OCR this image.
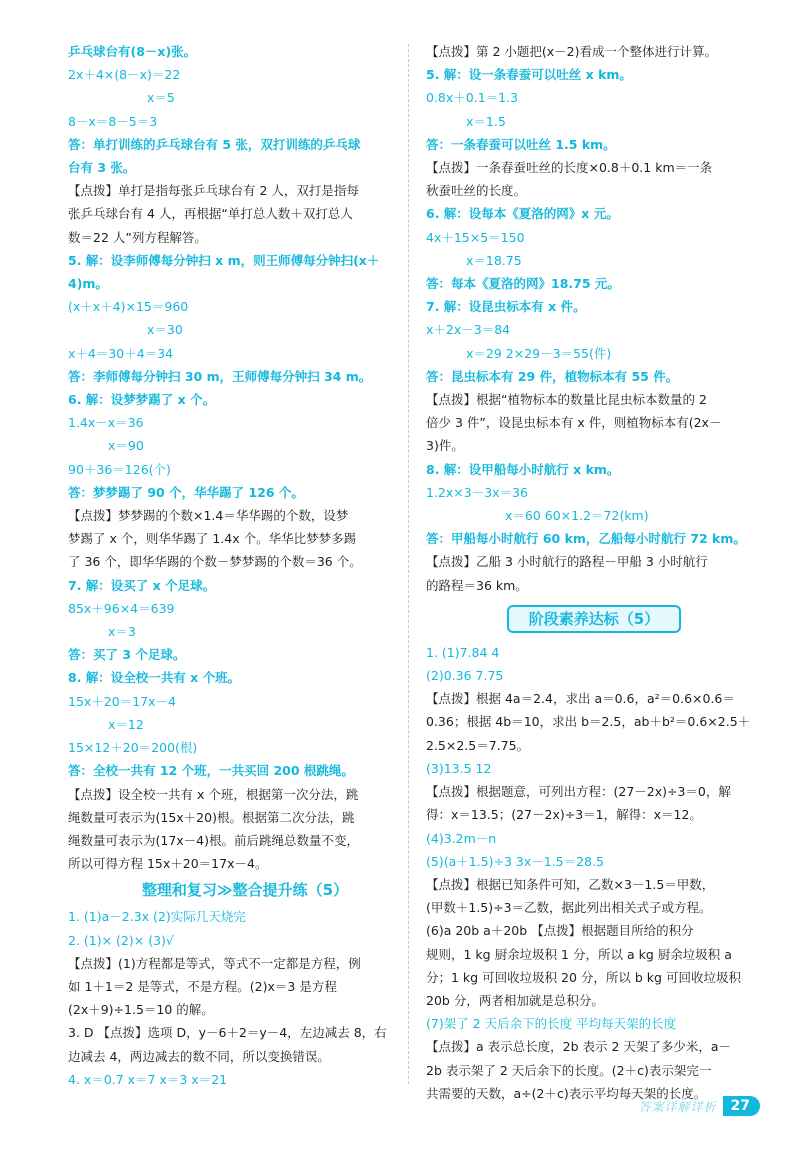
乒乓球台有(8－x)张。
2x＋4×(8－x)＝22
x＝5
8－x＝8－5＝3
答：单打训练的乒乓球台有 5 张，双打训练的乒乓球
台有 3 张。
【点拨】单打是指每张乒乓球台有 2 人，双打是指每
张乒乓球台有 4 人，再根据“单打总人数＋双打总人
数＝22 人”列方程解答。
5. 解：设李师傅每分钟扫 x m，则王师傅每分钟扫(x＋
4)m。
(x＋x＋4)×15＝960
x＝30
x＋4＝30＋4＝34
答：李师傅每分钟扫 30 m，王师傅每分钟扫 34 m。
6. 解：设梦梦踢了 x 个。
1.4x－x＝36
x＝90
90＋36＝126(个)
答：梦梦踢了 90 个，华华踢了 126 个。
【点拨】梦梦踢的个数×1.4＝华华踢的个数，设梦
梦踢了 x 个，则华华踢了 1.4x 个。华华比梦梦多踢
了 36 个，即华华踢的个数－梦梦踢的个数＝36 个。
7. 解：设买了 x 个足球。
85x＋96×4＝639
x＝3
答：买了 3 个足球。
8. 解：设全校一共有 x 个班。
15x＋20＝17x－4
x＝12
15×12＋20＝200(根)
答：全校一共有 12 个班，一共买回 200 根跳绳。
【点拨】设全校一共有 x 个班，根据第一次分法，跳
绳数量可表示为(15x＋20)根。根据第二次分法，跳
绳数量可表示为(17x－4)根。前后跳绳总数量不变，
所以可得方程 15x＋20＝17x－4。
整理和复习≫整合提升练（5）
1. (1)a－2.3x (2)实际几天烧完
2. (1)× (2)× (3)√
【点拨】(1)方程都是等式，等式不一定都是方程，例
如 1＋1＝2 是等式，不是方程。(2)x＝3 是方程
(2x＋9)÷1.5＝10 的解。
3. D 【点拨】选项 D，y－6＋2＝y－4，左边减去 8，右
边减去 4，两边减去的数不同，所以变换错误。
4. x＝0.7 x＝7 x＝3 x＝21
【点拨】第 2 小题把(x－2)看成一个整体进行计算。
5. 解：设一条春蚕可以吐丝 x km。
0.8x＋0.1＝1.3
x＝1.5
答：一条春蚕可以吐丝 1.5 km。
【点拨】一条春蚕吐丝的长度×0.8＋0.1 km＝一条
秋蚕吐丝的长度。
6. 解：设每本《夏洛的网》x 元。
4x＋15×5＝150
x＝18.75
答：每本《夏洛的网》18.75 元。
7. 解：设昆虫标本有 x 件。
x＋2x－3＝84
x＝29 2×29－3＝55(件)
答：昆虫标本有 29 件，植物标本有 55 件。
【点拨】根据“植物标本的数量比昆虫标本数量的 2
倍少 3 件”，设昆虫标本有 x 件，则植物标本有(2x－
3)件。
8. 解：设甲船每小时航行 x km。
1.2x×3－3x＝36
x＝60 60×1.2＝72(km)
答：甲船每小时航行 60 km，乙船每小时航行 72 km。
【点拨】乙船 3 小时航行的路程－甲船 3 小时航行
的路程＝36 km。
阶段素养达标（5）
1. (1)7.84 4
(2)0.36 7.75
【点拨】根据 4a＝2.4，求出 a＝0.6，a²＝0.6×0.6＝
0.36；根据 4b＝10，求出 b＝2.5，ab＋b²＝0.6×2.5＋
2.5×2.5＝7.75。
(3)13.5 12
【点拨】根据题意，可列出方程：(27－2x)÷3＝0，解
得：x＝13.5；(27－2x)÷3＝1，解得：x＝12。
(4)3.2m－n
(5)(a＋1.5)÷3 3x－1.5＝28.5
【点拨】根据已知条件可知，乙数×3－1.5＝甲数，
(甲数＋1.5)÷3＝乙数，据此列出相关式子或方程。
(6)a 20b a＋20b 【点拨】根据题目所给的积分
规则，1 kg 厨余垃圾积 1 分，所以 a kg 厨余垃圾积 a
分；1 kg 可回收垃圾积 20 分，所以 b kg 可回收垃圾积
20b 分，两者相加就是总积分。
(7)架了 2 天后余下的长度 平均每天架的长度
【点拨】a 表示总长度，2b 表示 2 天架了多少米，a－
2b 表示架了 2 天后余下的长度。(2＋c)表示架完一
共需要的天数，a÷(2＋c)表示平均每天架的长度。
答案详解详析	27
